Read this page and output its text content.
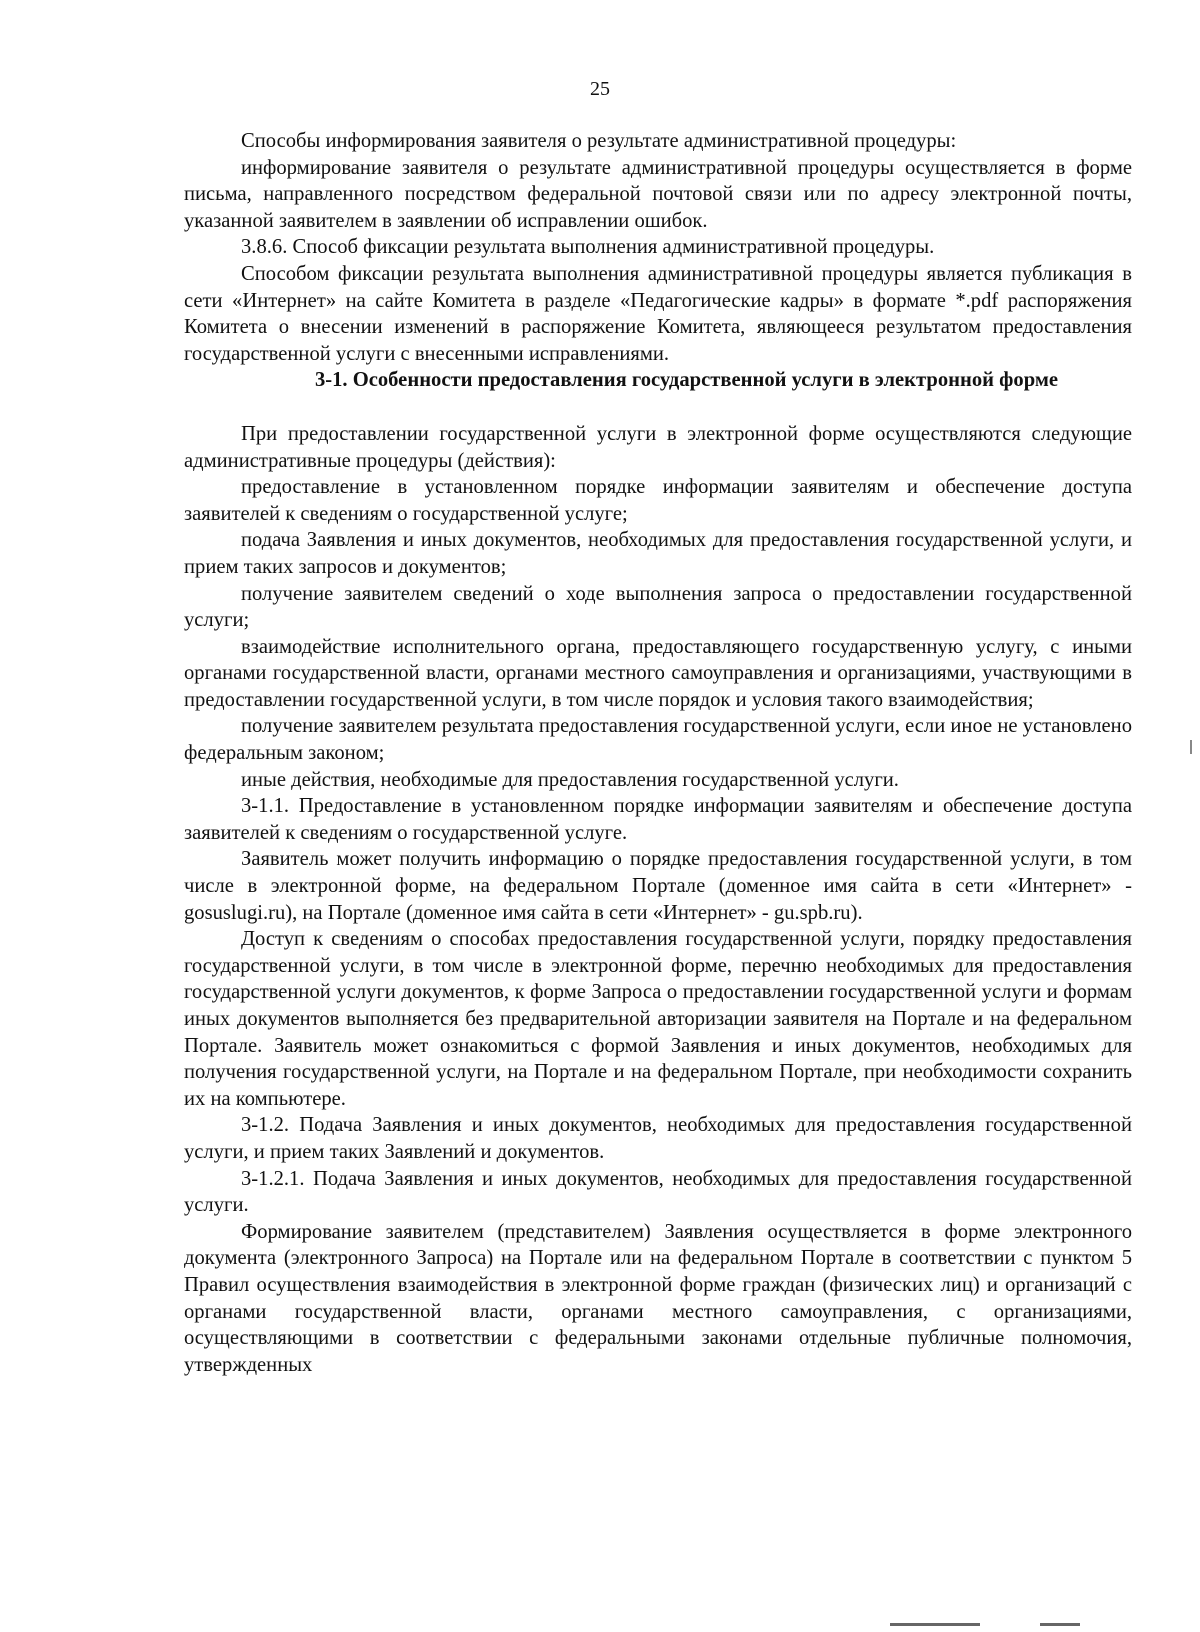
25

Способы информирования заявителя о результате административной процедуры:

информирование заявителя о результате административной процедуры осуществляется в форме письма, направленного посредством федеральной почтовой связи или по адресу электронной почты, указанной заявителем в заявлении об исправлении ошибок.

3.8.6. Способ фиксации результата выполнения административной процедуры.

Способом фиксации результата выполнения административной процедуры является публикация в сети «Интернет» на сайте Комитета в разделе «Педагогические кадры» в формате *.pdf распоряжения Комитета о внесении изменений в распоряжение Комитета, являющееся результатом предоставления государственной услуги с внесенными исправлениями.

3-1. Особенности предоставления государственной услуги в электронной форме

При предоставлении государственной услуги в электронной форме осуществляются следующие административные процедуры (действия):

предоставление в установленном порядке информации заявителям и обеспечение доступа заявителей к сведениям о государственной услуге;

подача Заявления и иных документов, необходимых для предоставления государственной услуги, и прием таких запросов и документов;

получение заявителем сведений о ходе выполнения запроса о предоставлении государственной услуги;

взаимодействие исполнительного органа, предоставляющего государственную услугу, с иными органами государственной власти, органами местного самоуправления и организациями, участвующими в предоставлении государственной услуги, в том числе порядок и условия такого взаимодействия;

получение заявителем результата предоставления государственной услуги, если иное не установлено федеральным законом;

иные действия, необходимые для предоставления государственной услуги.

3-1.1. Предоставление в установленном порядке информации заявителям и обеспечение доступа заявителей к сведениям о государственной услуге.

Заявитель может получить информацию о порядке предоставления государственной услуги, в том числе в электронной форме, на федеральном Портале (доменное имя сайта в сети «Интернет» - gosuslugi.ru), на Портале (доменное имя сайта в сети «Интернет» - gu.spb.ru).

Доступ к сведениям о способах предоставления государственной услуги, порядку предоставления государственной услуги, в том числе в электронной форме, перечню необходимых для предоставления государственной услуги документов, к форме Запроса о предоставлении государственной услуги и формам иных документов выполняется без предварительной авторизации заявителя на Портале и на федеральном Портале. Заявитель может ознакомиться с формой Заявления и иных документов, необходимых для получения государственной услуги, на Портале и на федеральном Портале, при необходимости сохранить их на компьютере.

3-1.2. Подача Заявления и иных документов, необходимых для предоставления государственной услуги, и прием таких Заявлений и документов.

3-1.2.1. Подача Заявления и иных документов, необходимых для предоставления государственной услуги.

Формирование заявителем (представителем) Заявления осуществляется в форме электронного документа (электронного Запроса) на Портале или на федеральном Портале в соответствии с пунктом 5 Правил осуществления взаимодействия в электронной форме граждан (физических лиц) и организаций с органами государственной власти, органами местного самоуправления, с организациями, осуществляющими в соответствии с федеральными законами отдельные публичные полномочия, утвержденных
